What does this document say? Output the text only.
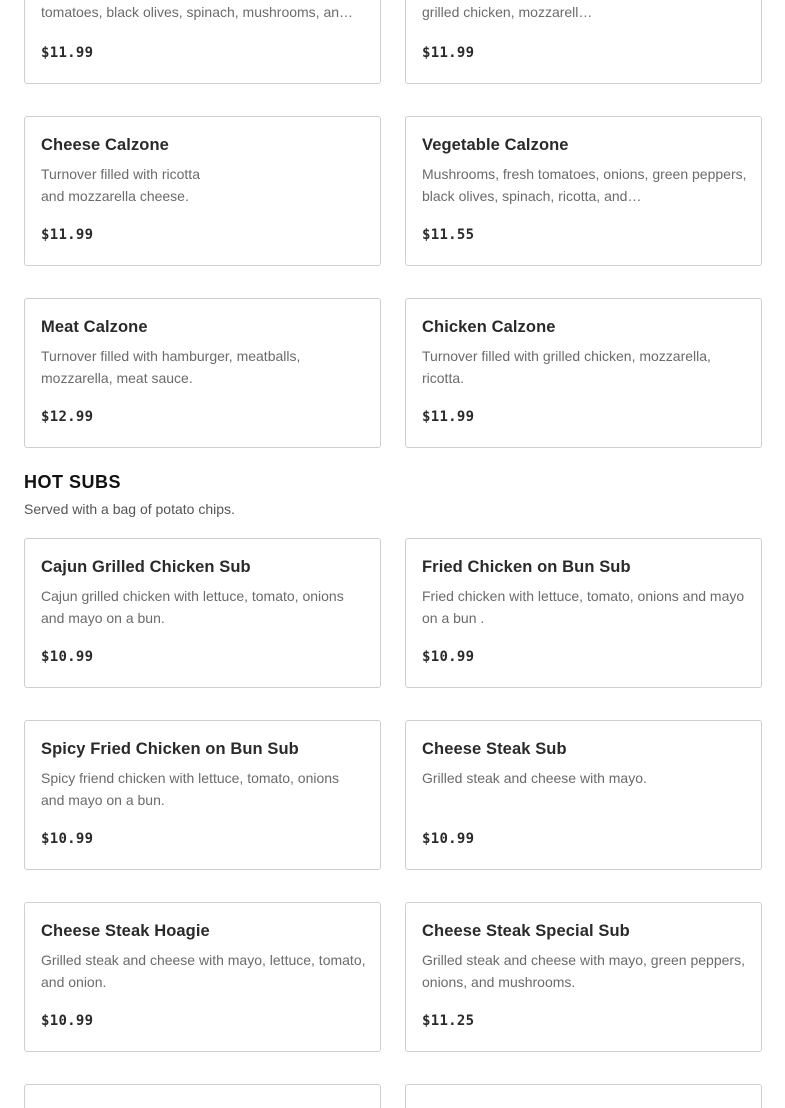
tomatoes, black olives, spinach, mushrooms, an…
$11.99
grilled chicken, mozzarell…
$11.99
Cheese Calzone
Turnover filled with ricotta
and mozzarella cheese.
$11.99
Vegetable Calzone
Mushrooms, fresh tomatoes, onions, green peppers, black olives, spinach, ricotta, and…
$11.55
Meat Calzone
Turnover filled with hamburger, meatballs, mozzarella, meat sauce.
$12.99
Chicken Calzone
Turnover filled with grilled chicken, mozzarella, ricotta.
$11.99
HOT SUBS
Served with a bag of potato chips.
Cajun Grilled Chicken Sub
Cajun grilled chicken with lettuce, tomato, onions and mayo on a bun.
$10.99
Fried Chicken on Bun Sub
Fried chicken with lettuce, tomato, onions and mayo on a bun .
$10.99
Spicy Fried Chicken on Bun Sub
Spicy friend chicken with lettuce, tomato, onions and mayo on a bun.
$10.99
Cheese Steak Sub
Grilled steak and cheese with mayo.
$10.99
Cheese Steak Hoagie
Grilled steak and cheese with mayo, lettuce, tomato, and onion.
$10.99
Cheese Steak Special Sub
Grilled steak and cheese with mayo, green peppers, onions, and mushrooms.
$11.25
